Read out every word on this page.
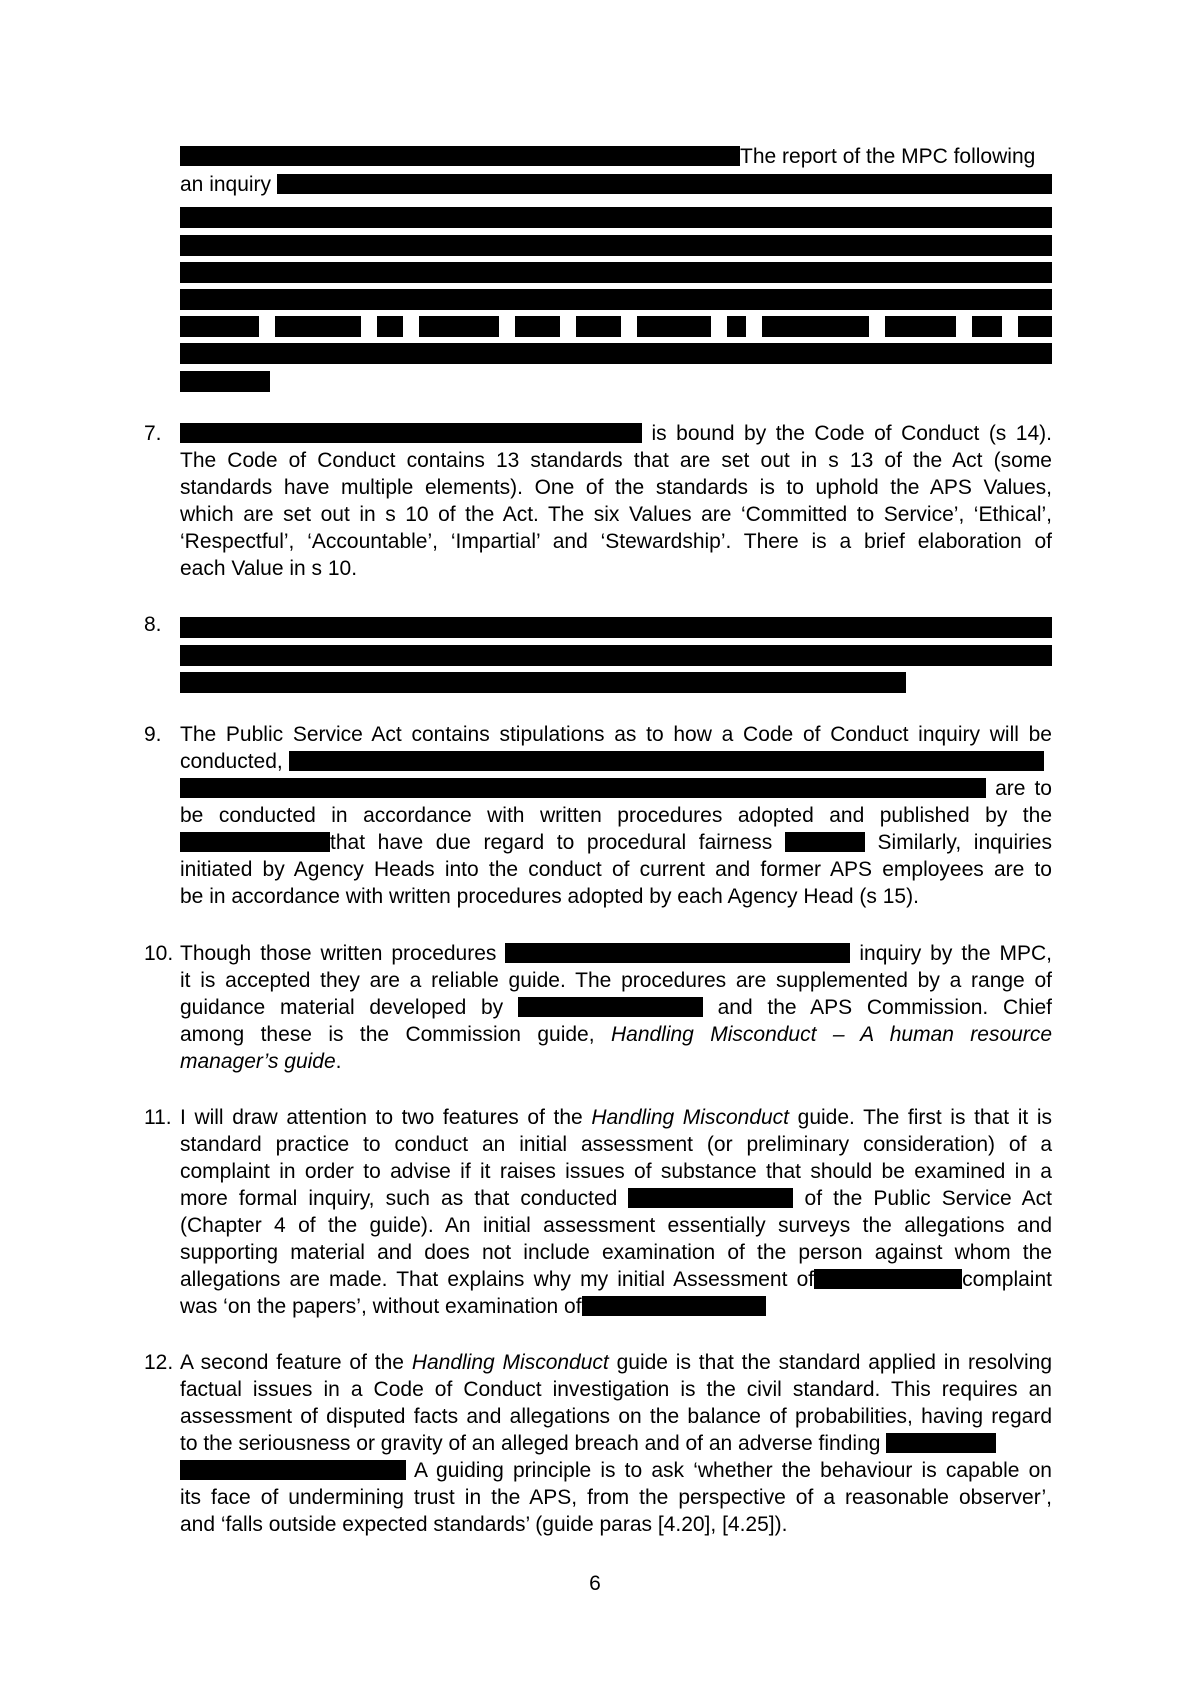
The report of the MPC following
an inquiry
7.	is bound by the Code of Conduct (s 14).
The Code of Conduct contains 13 standards that are set out in s 13 of the Act (some
standards have multiple elements). One of the standards is to uphold the APS Values,
which are set out in s 10 of the Act. The six Values are ‘Committed to Service’, ‘Ethical’,
‘Respectful’, ‘Accountable’, ‘Impartial’ and ‘Stewardship’. There is a brief elaboration of
each Value in s 10.
8.
9. The Public Service Act contains stipulations as to how a Code of Conduct inquiry will be
conducted,
are to
be conducted in accordance with written procedures adopted and published by the
that have due regard to procedural fairness	Similarly, inquiries
initiated by Agency Heads into the conduct of current and former APS employees are to
be in accordance with written procedures adopted by each Agency Head (s 15).
10. Though those written procedures	inquiry by the MPC,
it is accepted they are a reliable guide. The procedures are supplemented by a range of
guidance material developed by	and the APS Commission. Chief
among these is the Commission guide, Handling Misconduct – A human resource
manager’s guide.
11. I will draw attention to two features of the Handling Misconduct guide. The first is that it is
standard practice to conduct an initial assessment (or preliminary consideration) of a
complaint in order to advise if it raises issues of substance that should be examined in a
more formal inquiry, such as that conducted	of the Public Service Act
(Chapter 4 of the guide). An initial assessment essentially surveys the allegations and
supporting material and does not include examination of the person against whom the
allegations are made. That explains why my initial Assessment of	complaint
was ‘on the papers’, without examination of
12. A second feature of the Handling Misconduct guide is that the standard applied in resolving
factual issues in a Code of Conduct investigation is the civil standard. This requires an
assessment of disputed facts and allegations on the balance of probabilities, having regard
to the seriousness or gravity of an alleged breach and of an adverse finding
A guiding principle is to ask ‘whether the behaviour is capable on
its face of undermining trust in the APS, from the perspective of a reasonable observer’,
and ‘falls outside expected standards’ (guide paras [4.20], [4.25]).
6
